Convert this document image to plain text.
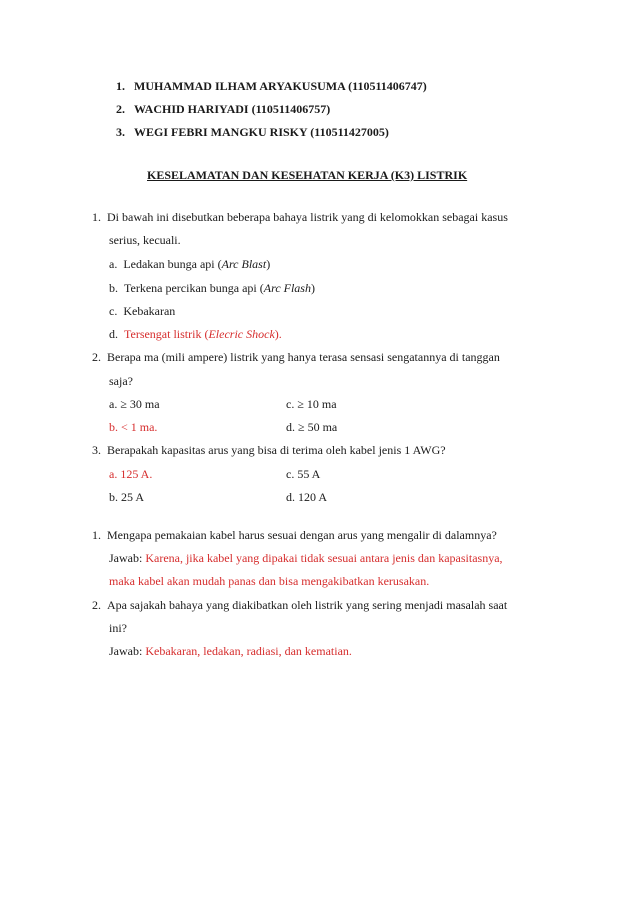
1. MUHAMMAD ILHAM ARYAKUSUMA (110511406747)
2. WACHID HARIYADI (110511406757)
3. WEGI FEBRI MANGKU RISKY (110511427005)
KESELAMATAN DAN KESEHATAN KERJA (K3) LISTRIK
1. Di bawah ini disebutkan beberapa bahaya listrik yang di kelomokkan sebagai kasus
serius, kecuali.
a. Ledakan bunga api (Arc Blast)
b. Terkena percikan bunga api (Arc Flash)
c. Kebakaran
d. Tersengat listrik (Elecric Shock).
2. Berapa ma (mili ampere) listrik yang hanya terasa sensasi sengatannya di tanggan
saja?
a. ≥ 30 ma	c. ≥ 10 ma
b. < 1 ma.	d. ≥ 50 ma
3. Berapakah kapasitas arus yang bisa di terima oleh kabel jenis 1 AWG?
a. 125 A.	c. 55 A
b. 25 A	d. 120 A
1. Mengapa pemakaian kabel harus sesuai dengan arus yang mengalir di dalamnya?
Jawab: Karena, jika kabel yang dipakai tidak sesuai antara jenis dan kapasitasnya,
maka kabel akan mudah panas dan bisa mengakibatkan kerusakan.
2. Apa sajakah bahaya yang diakibatkan oleh listrik yang sering menjadi masalah saat
ini?
Jawab: Kebakaran, ledakan, radiasi, dan kematian.
